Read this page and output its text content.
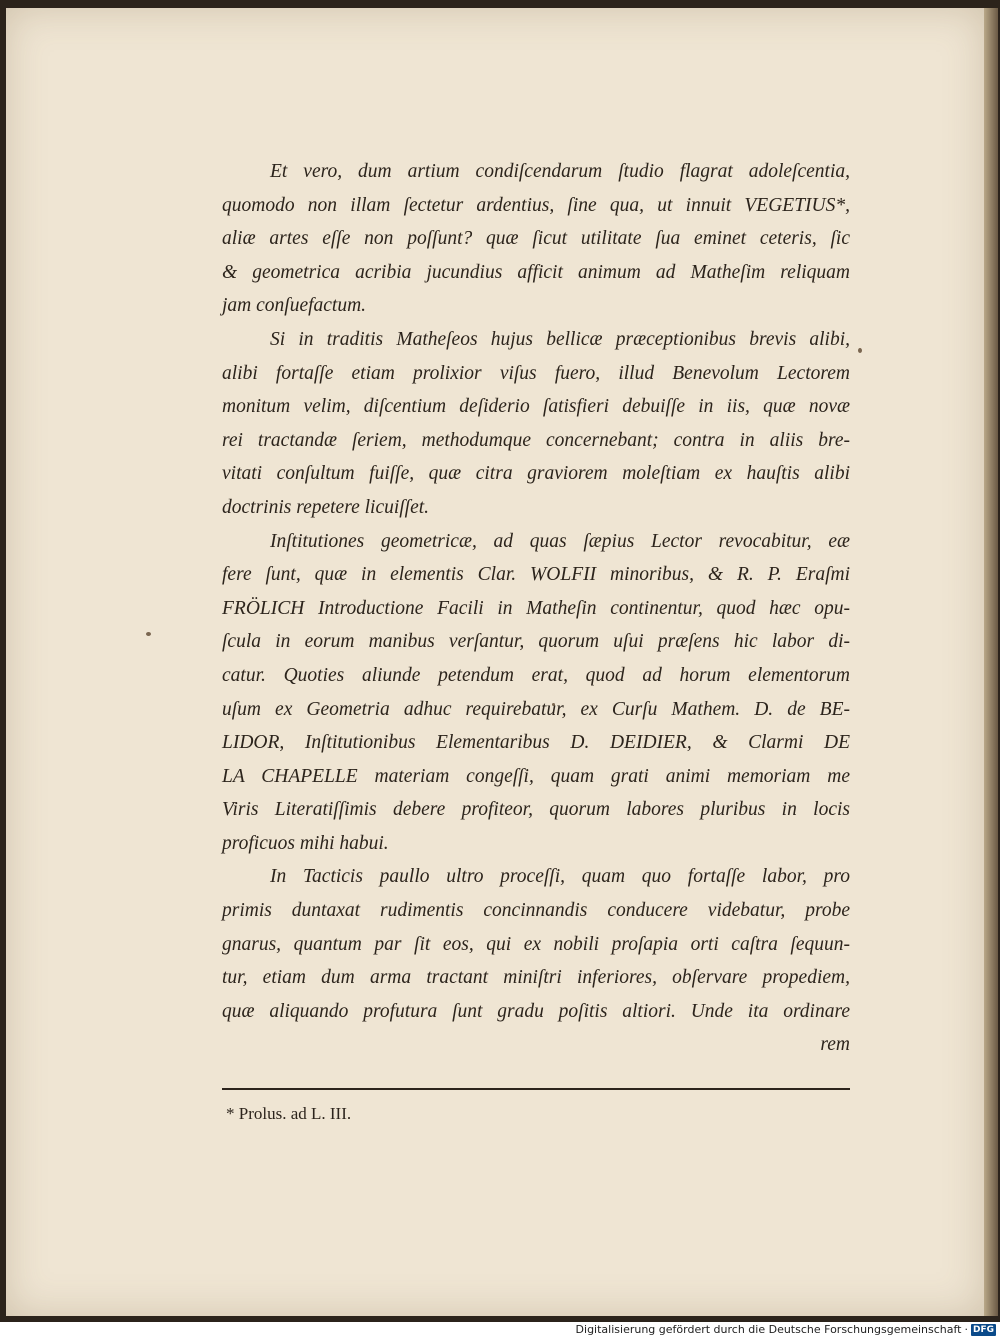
Et vero, dum artium condiſcendarum ſtudio flagrat adoleſcentia,
quomodo non illam ſectetur ardentius, ſine qua, ut innuit VEGETIUS*,
aliæ artes eſſe non poſſunt? quæ ſicut utilitate ſua eminet ceteris, ſic
& geometrica acribia jucundius afficit animum ad Matheſim reliquam
jam conſuefactum.
Si in traditis Matheſeos hujus bellicæ præceptionibus brevis alibi,
alibi fortaſſe etiam prolixior viſus fuero, illud Benevolum Lectorem
monitum velim, diſcentium deſiderio ſatisfieri debuiſſe in iis, quæ novæ
rei tractandæ ſeriem, methodumque concernebant; contra in aliis bre-
vitati conſultum fuiſſe, quæ citra graviorem moleſtiam ex hauſtis alibi
doctrinis repetere licuiſſet.
Inſtitutiones geometricæ, ad quas ſæpius Lector revocabitur, eæ
fere ſunt, quæ in elementis Clar. WOLFII minoribus, & R. P. Eraſmi
FRÖLICH Introductione Facili in Matheſin continentur, quod hæc opu-
ſcula in eorum manibus verſantur, quorum uſui præſens hic labor di-
catur. Quoties aliunde petendum erat, quod ad horum elementorum
uſum ex Geometria adhuc requirebatur, ex Curſu Mathem. D. de BE-
LIDOR, Inſtitutionibus Elementaribus D. DEIDIER, & Clarmi DE
LA CHAPELLE materiam congeſſi, quam grati animi memoriam me
Viris Literatiſſimis debere profiteor, quorum labores pluribus in locis
proficuos mihi habui.
In Tacticis paullo ultro proceſſi, quam quo fortaſſe labor, pro
primis duntaxat rudimentis concinnandis conducere videbatur, probe
gnarus, quantum par ſit eos, qui ex nobili proſapia orti caſtra ſequun-
tur, etiam dum arma tractant miniſtri inferiores, obſervare propediem,
quæ aliquando profutura ſunt gradu poſitis altiori. Unde ita ordinare
rem
* Prolus. ad L. III.
Digitalisierung gefördert durch die Deutsche Forschungsgemeinschaft · DFG
